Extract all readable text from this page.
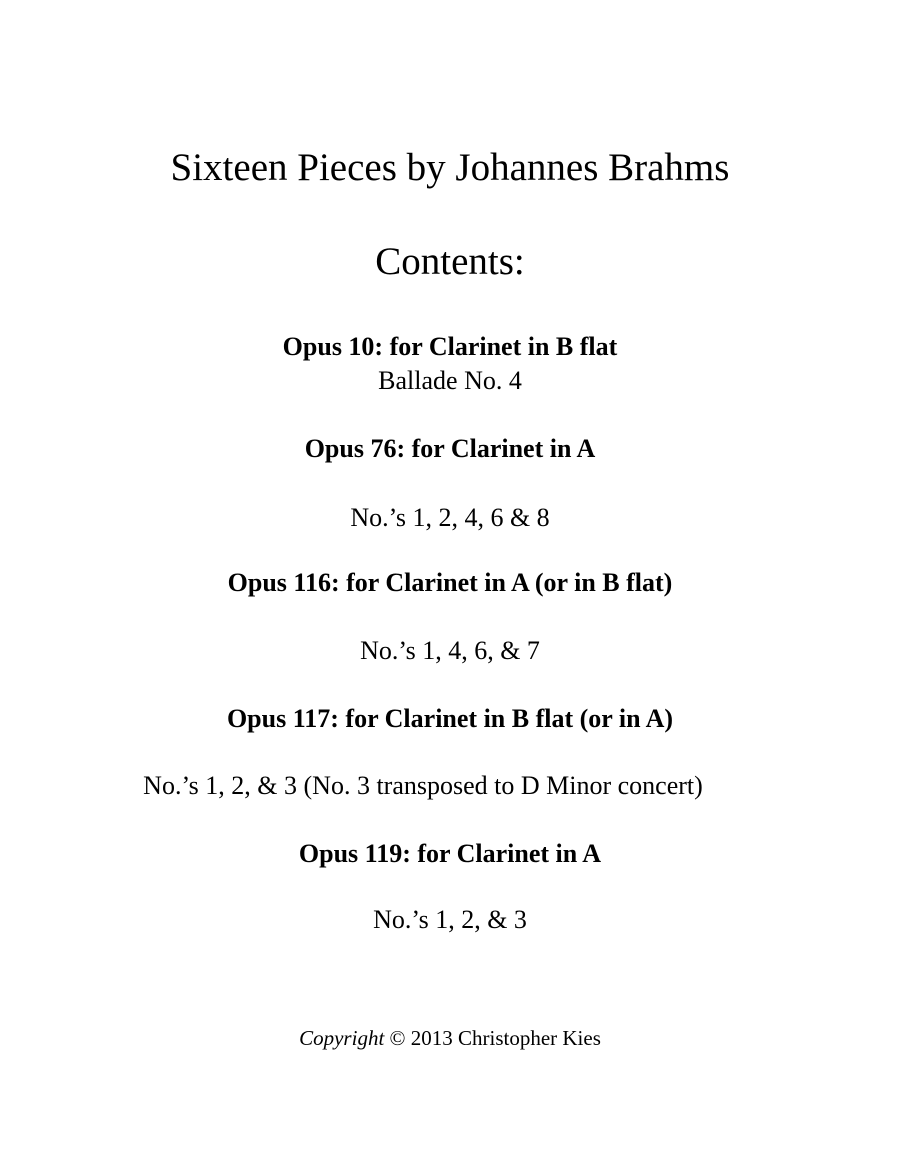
Sixteen Pieces by Johannes Brahms
Contents:
Opus 10: for Clarinet in B flat
Ballade No. 4
Opus 76: for Clarinet in A
No.’s 1, 2, 4, 6 & 8
Opus 116: for Clarinet in A (or in B flat)
No.’s 1, 4, 6, & 7
Opus 117: for Clarinet in B flat (or in A)
No.’s 1, 2, & 3 (No. 3 transposed to D Minor concert)
Opus 119: for Clarinet in A
No.’s 1, 2, & 3
Copyright © 2013 Christopher Kies
